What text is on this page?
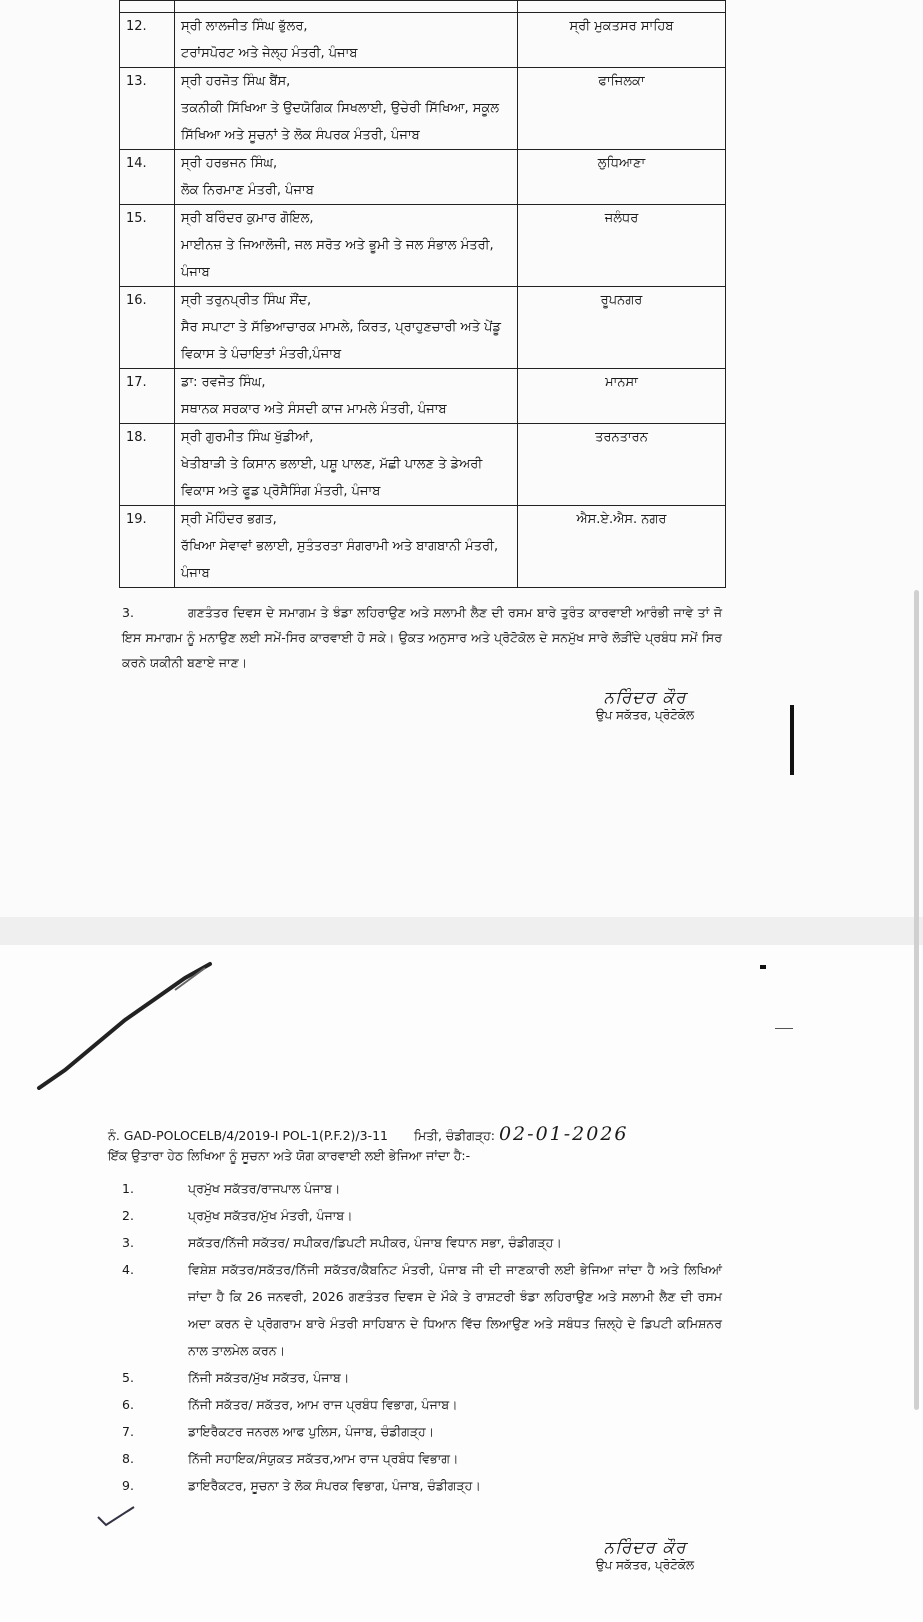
12.	ਸ੍ਰੀ ਲਾਲਜੀਤ ਸਿੰਘ ਭੁੱਲਰ,
ਟਰਾਂਸਪੋਰਟ ਅਤੇ ਜੇਲ੍ਹ ਮੰਤਰੀ, ਪੰਜਾਬ	ਸ੍ਰੀ ਮੁਕਤਸਰ ਸਾਹਿਬ
13.	ਸ੍ਰੀ ਹਰਜੋਤ ਸਿੰਘ ਬੈਂਸ,
ਤਕਨੀਕੀ ਸਿੱਖਿਆ ਤੇ ਉਦਯੋਗਿਕ ਸਿਖਲਾਈ, ਉਚੇਰੀ ਸਿੱਖਿਆ, ਸਕੂਲ ਸਿੱਖਿਆ ਅਤੇ ਸੂਚਨਾਂ ਤੇ ਲੋਕ ਸੰਪਰਕ ਮੰਤਰੀ, ਪੰਜਾਬ	ਫਾਜਿਲਕਾ
14.	ਸ੍ਰੀ ਹਰਭਜਨ ਸਿੰਘ,
ਲੋਕ ਨਿਰਮਾਣ ਮੰਤਰੀ, ਪੰਜਾਬ	ਲੁਧਿਆਣਾ
15.	ਸ੍ਰੀ ਬਰਿੰਦਰ ਕੁਮਾਰ ਗੋਇਲ,
ਮਾਈਨਜ਼ ਤੇ ਜਿਆਲੋਜੀ, ਜਲ ਸਰੋਤ ਅਤੇ ਭੂਮੀ ਤੇ ਜਲ ਸੰਭਾਲ ਮੰਤਰੀ, ਪੰਜਾਬ	ਜਲੰਧਰ
16.	ਸ੍ਰੀ ਤਰੁਨਪ੍ਰੀਤ ਸਿੰਘ ਸੌਂਦ,
ਸੈਰ ਸਪਾਟਾ ਤੇ ਸੱਭਿਆਚਾਰਕ ਮਾਮਲੇ, ਕਿਰਤ, ਪ੍ਰਾਹੁਣਚਾਰੀ ਅਤੇ ਪੇਂਡੂ ਵਿਕਾਸ ਤੇ ਪੰਚਾਇਤਾਂ ਮੰਤਰੀ,ਪੰਜਾਬ	ਰੂਪਨਗਰ
17.	ਡਾ: ਰਵਜੋਤ ਸਿੰਘ,
ਸਥਾਨਕ ਸਰਕਾਰ ਅਤੇ ਸੰਸਦੀ ਕਾਜ ਮਾਮਲੇ ਮੰਤਰੀ, ਪੰਜਾਬ	ਮਾਨਸਾ
18.	ਸ੍ਰੀ ਗੁਰਮੀਤ ਸਿੰਘ ਖੁੱਡੀਆਂ,
ਖੇਤੀਬਾੜੀ ਤੇ ਕਿਸਾਨ ਭਲਾਈ, ਪਸ਼ੂ ਪਾਲਣ, ਮੱਛੀ ਪਾਲਣ ਤੇ ਡੇਅਰੀ ਵਿਕਾਸ ਅਤੇ ਫੂਡ ਪ੍ਰੋਸੈਸਿੰਗ ਮੰਤਰੀ, ਪੰਜਾਬ	ਤਰਨਤਾਰਨ
19.	ਸ੍ਰੀ ਮੋਹਿੰਦਰ ਭਗਤ,
ਰੱਖਿਆ ਸੇਵਾਵਾਂ ਭਲਾਈ, ਸੁਤੰਤਰਤਾ ਸੰਗਰਾਮੀ ਅਤੇ ਬਾਗਬਾਨੀ ਮੰਤਰੀ, ਪੰਜਾਬ	ਐਸ.ਏ.ਐਸ. ਨਗਰ
3.	ਗਣਤੰਤਰ ਦਿਵਸ ਦੇ ਸਮਾਗਮ ਤੇ ਝੰਡਾ ਲਹਿਰਾਉਣ ਅਤੇ ਸਲਾਮੀ ਲੈਣ ਦੀ ਰਸਮ ਬਾਰੇ ਤੁਰੰਤ ਕਾਰਵਾਈ ਆਰੰਭੀ ਜਾਵੇ ਤਾਂ ਜੋ ਇਸ ਸਮਾਗਮ ਨੂੰ ਮਨਾਉਣ ਲਈ ਸਮੇਂ-ਸਿਰ ਕਾਰਵਾਈ ਹੋ ਸਕੇ। ਉਕਤ ਅਨੁਸਾਰ ਅਤੇ ਪ੍ਰੋਟੋਕੋਲ ਦੇ ਸਨਮੁੱਖ ਸਾਰੇ ਲੋੜੀਂਦੇ ਪ੍ਰਬੰਧ ਸਮੇਂ ਸਿਰ ਕਰਨੇ ਯਕੀਨੀ ਬਣਾਏ ਜਾਣ।
ਨਰਿੰਦਰ ਕੌਰ
ਉਪ ਸਕੱਤਰ, ਪ੍ਰੋਟੋਕੋਲ
ਨੰ. GAD-POLOCELB/4/2019-I POL-1(P.F.2)/3-11 ਮਿਤੀ, ਚੰਡੀਗੜ੍ਹ: 02-01-2026
ਇੱਕ ਉਤਾਰਾ ਹੇਠ ਲਿਖਿਆ ਨੂੰ ਸੂਚਨਾ ਅਤੇ ਯੋਗ ਕਾਰਵਾਈ ਲਈ ਭੇਜਿਆ ਜਾਂਦਾ ਹੈ:-
1.	ਪ੍ਰਮੁੱਖ ਸਕੱਤਰ/ਰਾਜਪਾਲ ਪੰਜਾਬ।
2.	ਪ੍ਰਮੁੱਖ ਸਕੱਤਰ/ਮੁੱਖ ਮੰਤਰੀ, ਪੰਜਾਬ।
3.	ਸਕੱਤਰ/ਨਿੱਜੀ ਸਕੱਤਰ/ ਸਪੀਕਰ/ਡਿਪਟੀ ਸਪੀਕਰ, ਪੰਜਾਬ ਵਿਧਾਨ ਸਭਾ, ਚੰਡੀਗੜ੍ਹ।
4.	ਵਿਸ਼ੇਸ਼ ਸਕੱਤਰ/ਸਕੱਤਰ/ਨਿੱਜੀ ਸਕੱਤਰ/ਕੈਬਨਿਟ ਮੰਤਰੀ, ਪੰਜਾਬ ਜੀ ਦੀ ਜਾਣਕਾਰੀ ਲਈ ਭੇਜਿਆ ਜਾਂਦਾ ਹੈ ਅਤੇ ਲਿਖਿਆਂ ਜਾਂਦਾ ਹੈ ਕਿ 26 ਜਨਵਰੀ, 2026 ਗਣਤੰਤਰ ਦਿਵਸ ਦੇ ਮੌਕੇ ਤੇ ਰਾਸ਼ਟਰੀ ਝੰਡਾ ਲਹਿਰਾਉਣ ਅਤੇ ਸਲਾਮੀ ਲੈਣ ਦੀ ਰਸਮ ਅਦਾ ਕਰਨ ਦੇ ਪ੍ਰੋਗਰਾਮ ਬਾਰੇ ਮੰਤਰੀ ਸਾਹਿਬਾਨ ਦੇ ਧਿਆਨ ਵਿੱਚ ਲਿਆਉਣ ਅਤੇ ਸਬੰਧਤ ਜ਼ਿਲ੍ਹੇ ਦੇ ਡਿਪਟੀ ਕਮਿਸ਼ਨਰ ਨਾਲ ਤਾਲਮੇਲ ਕਰਨ।
5.	ਨਿੱਜੀ ਸਕੱਤਰ/ਮੁੱਖ ਸਕੱਤਰ, ਪੰਜਾਬ।
6.	ਨਿੱਜੀ ਸਕੱਤਰ/ ਸਕੱਤਰ, ਆਮ ਰਾਜ ਪ੍ਰਬੰਧ ਵਿਭਾਗ, ਪੰਜਾਬ।
7.	ਡਾਇਰੈਕਟਰ ਜਨਰਲ ਆਫ ਪੁਲਿਸ, ਪੰਜਾਬ, ਚੰਡੀਗੜ੍ਹ।
8.	ਨਿੱਜੀ ਸਹਾਇਕ/ਸੰਯੁਕਤ ਸਕੱਤਰ,ਆਮ ਰਾਜ ਪ੍ਰਬੰਧ ਵਿਭਾਗ।
9.	ਡਾਇਰੈਕਟਰ, ਸੂਚਨਾ ਤੇ ਲੋਕ ਸੰਪਰਕ ਵਿਭਾਗ, ਪੰਜਾਬ, ਚੰਡੀਗੜ੍ਹ।
ਨਰਿੰਦਰ ਕੌਰ
ਉਪ ਸਕੱਤਰ, ਪ੍ਰੋਟੋਕੋਲ
